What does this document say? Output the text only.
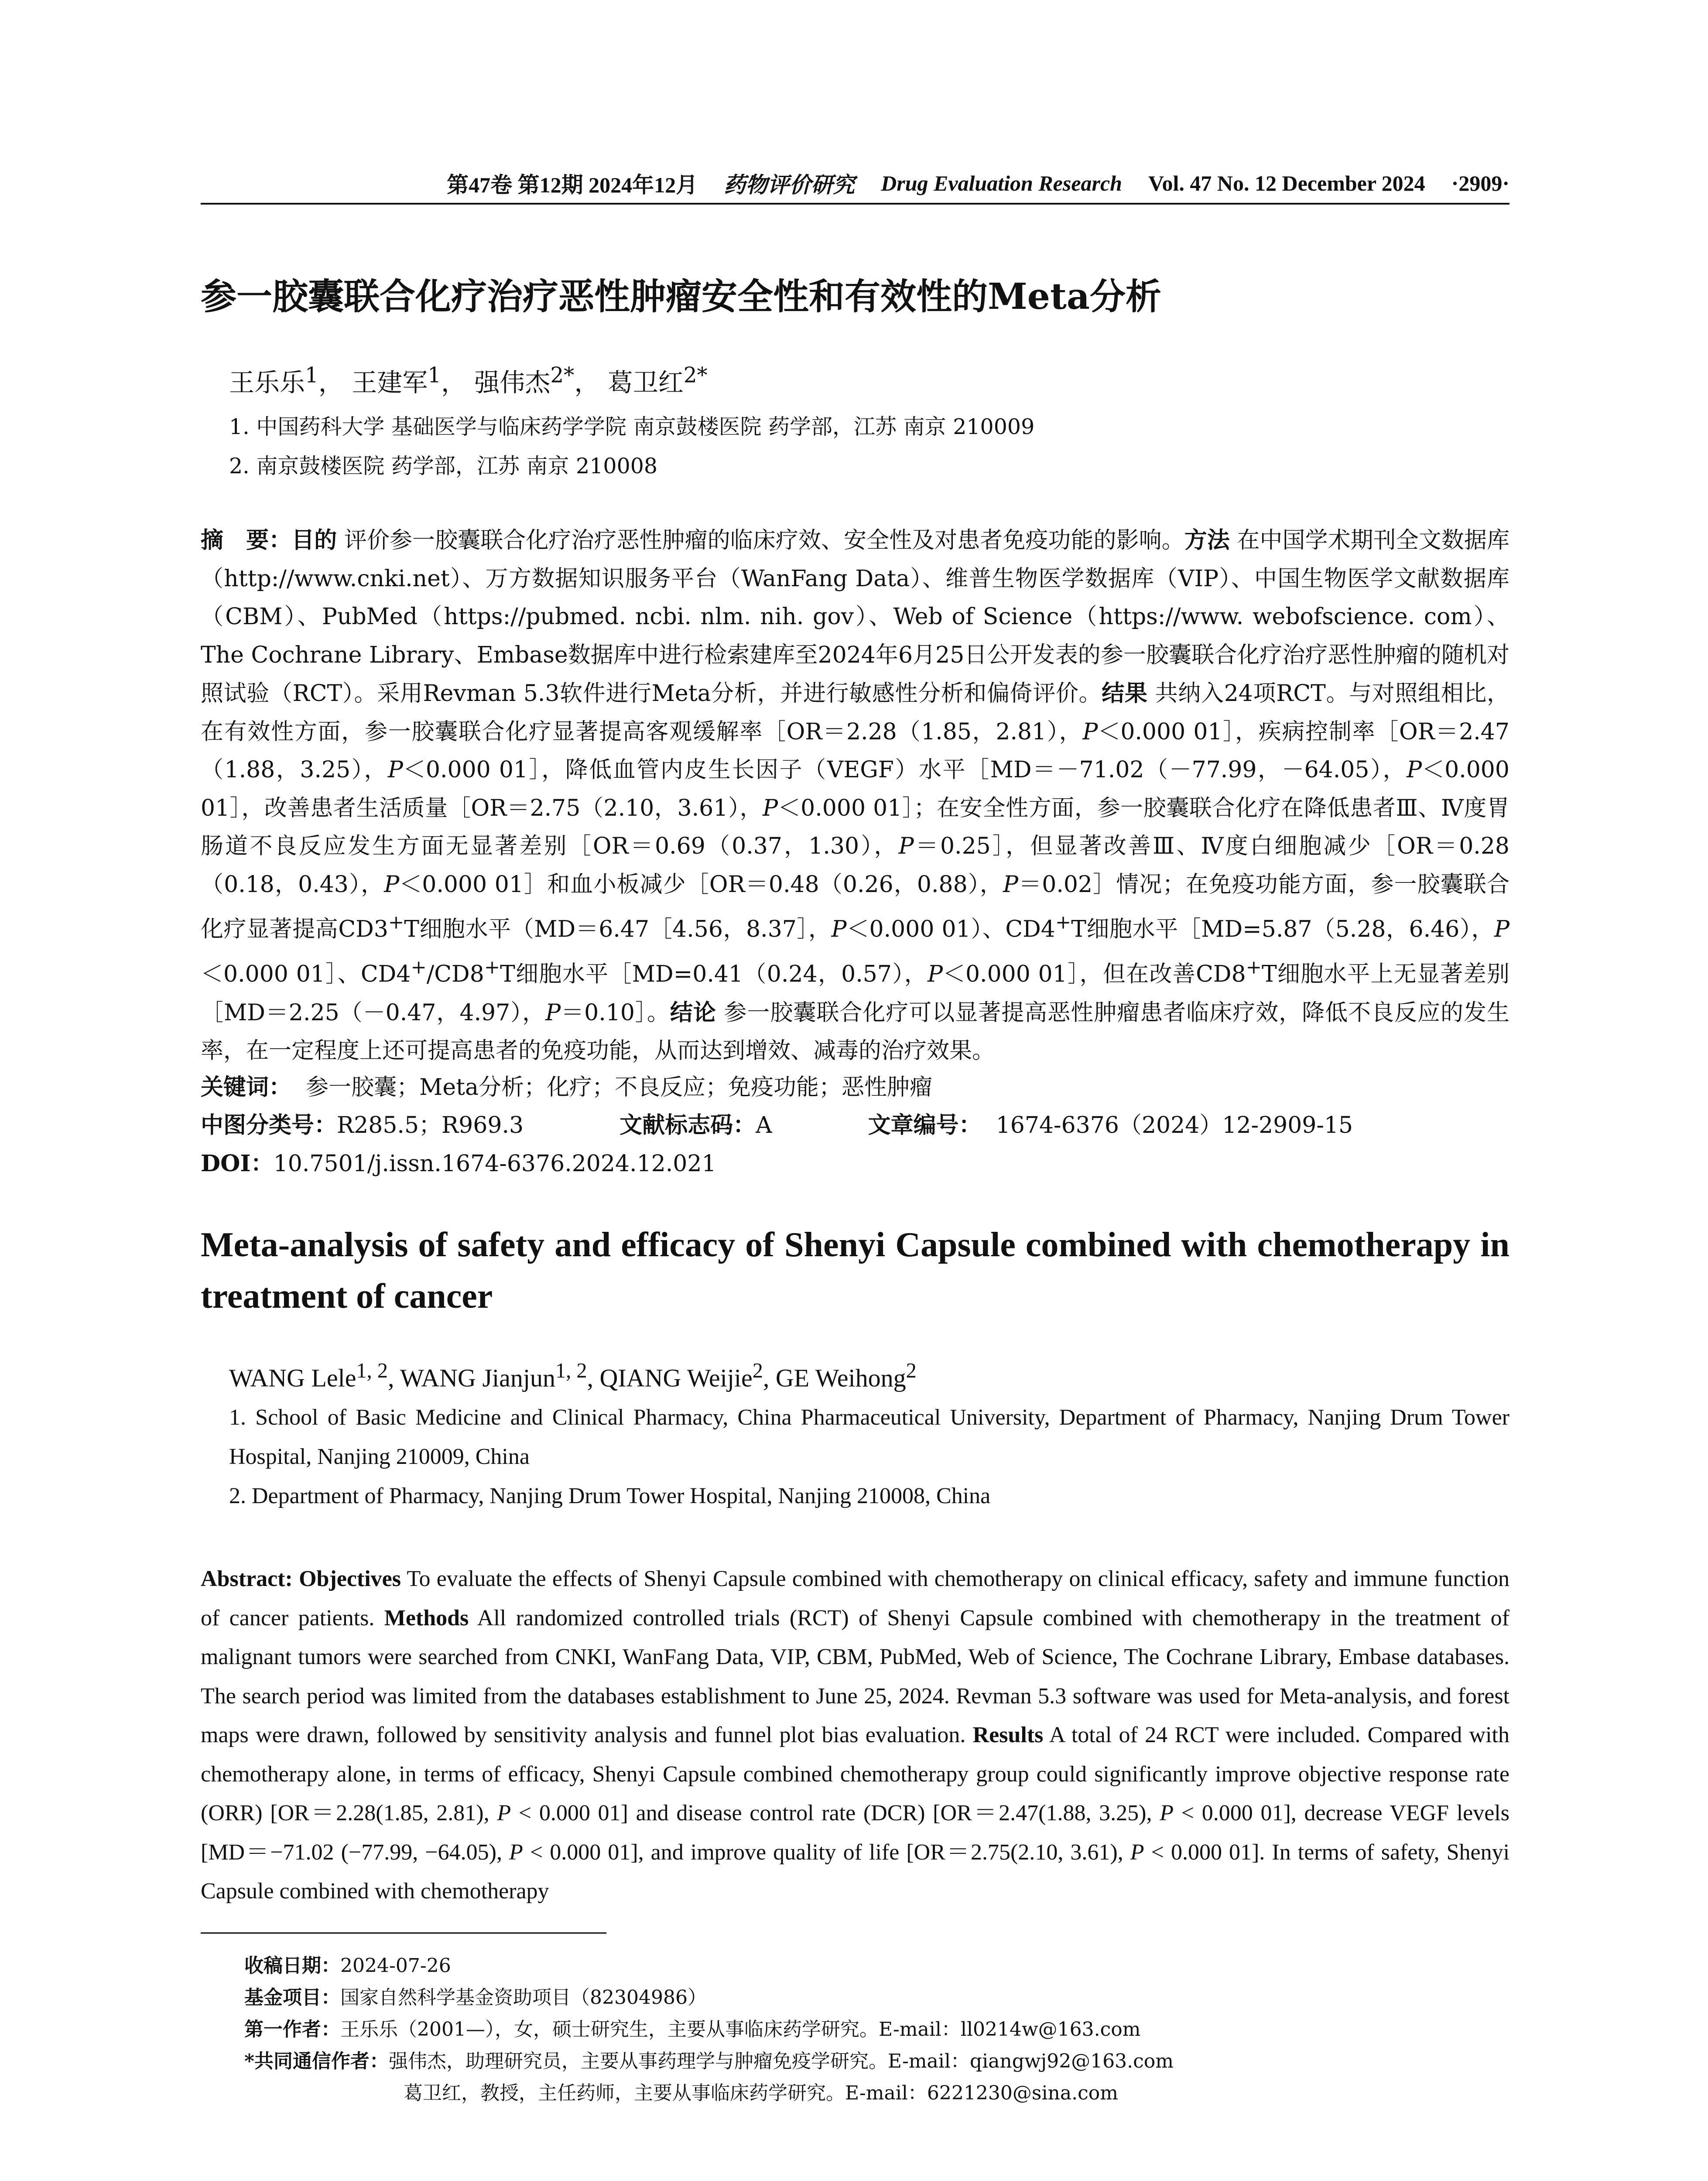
第47卷 第12期 2024年12月 药物评价研究 Drug Evaluation Research Vol. 47 No. 12 December 2024 ·2909·
参一胶囊联合化疗治疗恶性肿瘤安全性和有效性的Meta分析
王乐乐$^1$， 王建军$^1$， 强伟杰$^{2*}$， 葛卫红$^{2*}$
1. 中国药科大学 基础医学与临床药学学院 南京鼓楼医院 药学部，江苏 南京 210009
2. 南京鼓楼医院 药学部，江苏 南京 210008
摘　要：目的 评价参一胶囊联合化疗治疗恶性肿瘤的临床疗效、安全性及对患者免疫功能的影响。方法 在中国学术期刊全文数据库（http://www.cnki.net）、万方数据知识服务平台（WanFang Data）、维普生物医学数据库（VIP）、中国生物医学文献数据库（CBM）、PubMed（https://pubmed. ncbi. nlm. nih. gov）、Web of Science（https://www. webofscience. com）、The Cochrane Library、Embase数据库中进行检索建库至2024年6月25日公开发表的参一胶囊联合化疗治疗恶性肿瘤的随机对照试验（RCT）。采用Revman 5.3软件进行Meta分析，并进行敏感性分析和偏倚评价。结果 共纳入24项RCT。与对照组相比，在有效性方面，参一胶囊联合化疗显著提高客观缓解率［OR＝2.28（1.85，2.81），P＜0.000 01］，疾病控制率［OR＝2.47（1.88，3.25），P＜0.000 01］，降低血管内皮生长因子（VEGF）水平［MD＝－71.02（－77.99，－64.05），P＜0.000 01］，改善患者生活质量［OR＝2.75（2.10，3.61），P＜0.000 01］；在安全性方面，参一胶囊联合化疗在降低患者Ⅲ、Ⅳ度胃肠道不良反应发生方面无显著差别［OR＝0.69（0.37，1.30），P＝0.25］，但显著改善Ⅲ、Ⅳ度白细胞减少［OR＝0.28（0.18，0.43），P＜0.000 01］和血小板减少［OR＝0.48（0.26，0.88），P＝0.02］情况；在免疫功能方面，参一胶囊联合化疗显著提高CD3+T细胞水平（MD＝6.47［4.56，8.37］，P＜0.000 01）、CD4+T细胞水平［MD=5.87（5.28，6.46），P＜0.000 01］、CD4+/CD8+T细胞水平［MD=0.41（0.24，0.57），P＜0.000 01］，但在改善CD8+T细胞水平上无显著差别［MD＝2.25（－0.47，4.97），P＝0.10］。结论 参一胶囊联合化疗可以显著提高恶性肿瘤患者临床疗效，降低不良反应的发生率，在一定程度上还可提高患者的免疫功能，从而达到增效、减毒的治疗效果。
关键词： 参一胶囊；Meta分析；化疗；不良反应；免疫功能；恶性肿瘤
中图分类号：R285.5；R969.3	文献标志码：A	文章编号： 1674-6376（2024）12-2909-15
DOI：10.7501/j.issn.1674-6376.2024.12.021
Meta-analysis of safety and efficacy of Shenyi Capsule combined with chemotherapy in treatment of cancer
WANG Lele$^{1, 2}$, WANG Jianjun$^{1, 2}$, QIANG Weijie$^2$, GE Weihong$^2$
1. School of Basic Medicine and Clinical Pharmacy, China Pharmaceutical University, Department of Pharmacy, Nanjing Drum Tower Hospital, Nanjing 210009, China
2. Department of Pharmacy, Nanjing Drum Tower Hospital, Nanjing 210008, China
Abstract: Objectives To evaluate the effects of Shenyi Capsule combined with chemotherapy on clinical efficacy, safety and immune function of cancer patients. Methods All randomized controlled trials (RCT) of Shenyi Capsule combined with chemotherapy in the treatment of malignant tumors were searched from CNKI, WanFang Data, VIP, CBM, PubMed, Web of Science, The Cochrane Library, Embase databases. The search period was limited from the databases establishment to June 25, 2024. Revman 5.3 software was used for Meta-analysis, and forest maps were drawn, followed by sensitivity analysis and funnel plot bias evaluation. Results A total of 24 RCT were included. Compared with chemotherapy alone, in terms of efficacy, Shenyi Capsule combined chemotherapy group could significantly improve objective response rate (ORR) [OR＝2.28(1.85, 2.81), P < 0.000 01] and disease control rate (DCR) [OR＝2.47(1.88, 3.25), P < 0.000 01], decrease VEGF levels [MD＝−71.02 (−77.99, −64.05), P < 0.000 01], and improve quality of life [OR＝2.75(2.10, 3.61), P < 0.000 01]. In terms of safety, Shenyi Capsule combined with chemotherapy
收稿日期：2024-07-26
基金项目：国家自然科学基金资助项目（82304986）
第一作者：王乐乐（2001—），女，硕士研究生，主要从事临床药学研究。E-mail：ll0214w@163.com
*共同通信作者：强伟杰，助理研究员，主要从事药理学与肿瘤免疫学研究。E-mail：qiangwj92@163.com
葛卫红，教授，主任药师，主要从事临床药学研究。E-mail：6221230@sina.com
